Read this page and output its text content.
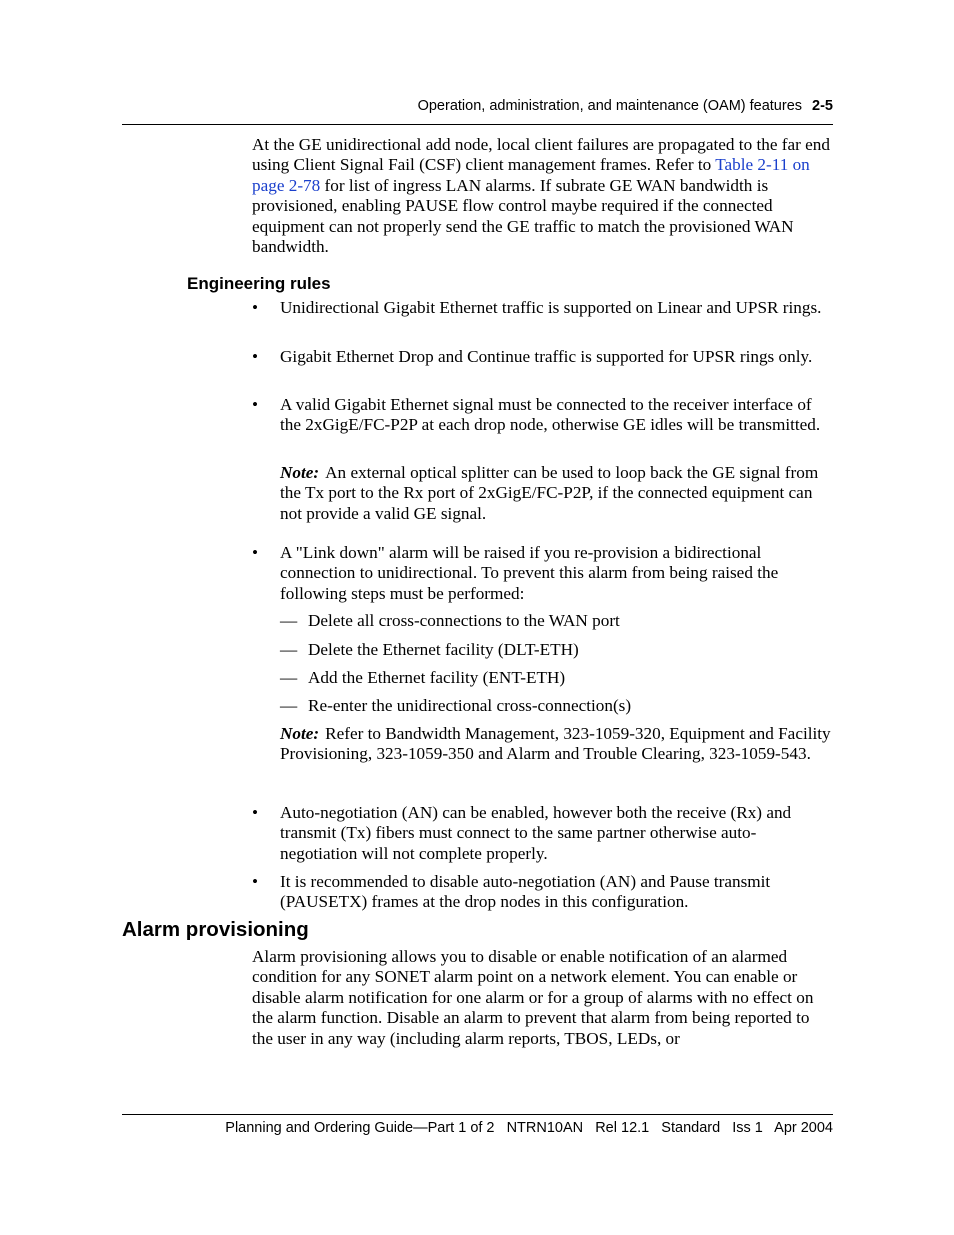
Operation, administration, and maintenance (OAM) features 2-5

At the GE unidirectional add node, local client failures are propagated to the far end using Client Signal Fail (CSF) client management frames. Refer to Table 2-11 on page 2-78 for list of ingress LAN alarms. If subrate GE WAN bandwidth is provisioned, enabling PAUSE flow control maybe required if the connected equipment can not properly send the GE traffic to match the provisioned WAN bandwidth.

Engineering rules
• Unidirectional Gigabit Ethernet traffic is supported on Linear and UPSR rings.
• Gigabit Ethernet Drop and Continue traffic is supported for UPSR rings only.
• A valid Gigabit Ethernet signal must be connected to the receiver interface of the 2xGigE/FC-P2P at each drop node, otherwise GE idles will be transmitted.

Note: An external optical splitter can be used to loop back the GE signal from the Tx port to the Rx port of 2xGigE/FC-P2P, if the connected equipment can not provide a valid GE signal.

• A "Link down" alarm will be raised if you re-provision a bidirectional connection to unidirectional. To prevent this alarm from being raised the following steps must be performed:
— Delete all cross-connections to the WAN port
— Delete the Ethernet facility (DLT-ETH)
— Add the Ethernet facility (ENT-ETH)
— Re-enter the unidirectional cross-connection(s)

Note: Refer to Bandwidth Management, 323-1059-320, Equipment and Facility Provisioning, 323-1059-350 and Alarm and Trouble Clearing, 323-1059-543.

• Auto-negotiation (AN) can be enabled, however both the receive (Rx) and transmit (Tx) fibers must connect to the same partner otherwise auto-negotiation will not complete properly.
• It is recommended to disable auto-negotiation (AN) and Pause transmit (PAUSETX) frames at the drop nodes in this configuration.
Alarm provisioning

Alarm provisioning allows you to disable or enable notification of an alarmed condition for any SONET alarm point on a network element. You can enable or disable alarm notification for one alarm or for a group of alarms with no effect on the alarm function. Disable an alarm to prevent that alarm from being reported to the user in any way (including alarm reports, TBOS, LEDs, or

Planning and Ordering Guide—Part 1 of 2   NTRN10AN   Rel 12.1   Standard   Iss 1   Apr 2004
